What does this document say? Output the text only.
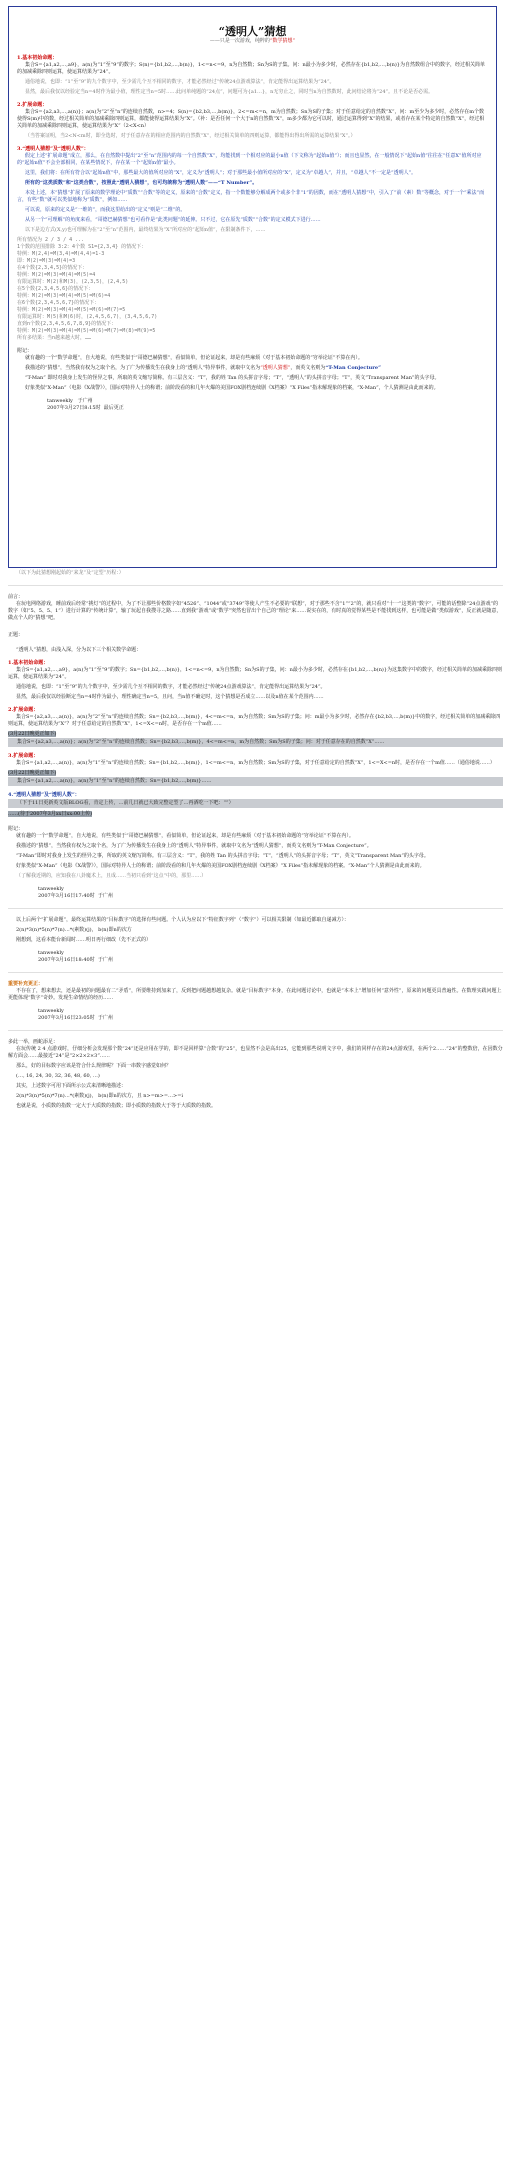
“透明人”猜想
——只是一次游戏，纯粹的“数学猜想”
1.基本初始命题：

集合S={a1,a2,…,a9}，a(n)为“1”至“9”的数字；S(n)={b1,b2,…,b(n)}，1<=n<=9，n为自然数；Sn为S的子集。问：n最小为多少时，必然存在{b1,b2,…,b(n)}为自然数组合中的数字，经过相关简单的加减乘除四则运算，使运算结果为“24”。

通俗地说，也即：“1”至“9”的九个数字中，至少需几个互不相同的数字，才能必然经过“传统24点游戏算法”，肯定能得出运算结果为“24”。

显然，最后我仅以经验定当n=4时作为最小值，理性定当n=5时……此问单纯题的“24点”，问题可为{a1…}，n无穷止之，同时当n为自然数时，此问结论将为“24”。且不论是否必需。

2.扩展命题：

集合S={a2,a3,…,a(n)}；a(n)为“2”至“n”的连续自然数，n>=4；S(n)={b2,b3,…,b(m)}，2<=m<=n，m为自然数；Sn为S的子集；对于任意给定的自然数“X”，问：m至少为多少时，必然存在m个数使得S(m)中的数，经过相关简单的加减乘除四则运算，都能使得运算结果为“X”。（补：是否任何一个大于n的自然数“X”，m多少都为它可以时，通过运算得到“X”的结果，或者存在某个特定的自然数“X”，经过相关简单的加减乘除四则运算，使运算结果为“X”（2<X<n）

（当答案证明，当2<N<m时，即全选时，对于任意存在的相应范围内的自然数“X”，经过相关简单的四则运算，都能得出得出所需的运算结果“X”。）

3.“透明人猜想”及“透明人数”：

假定上述“扩展命题”成立，那么，在自然数中提出“2”至“n”范围内的每一个自然数“X”，均能找到一个相对应的最小n值（下文称为“起始n值”）；而且也显然，在一般情况下“起始n值”往往在“任意X”值所对应的“起始n值”不会全部相同，在某些情况下，存在某一个“起始n值”最小。

这里，我们将：在所有符合以“起始n值”中，那些最大的值所对应的“X”，定义为“透明人”；对于那些最小值所对应的“X”，定义为“卓越人”，并且，“卓越人”不一定是“透明人”。

所有的“这类质数”和“这类合数”，按照此“透明人猜想”，也可均统称为“透明人数”——“T Number”。

本处上述，本“猜想”扩展了原来的数学理论中“质数”“合数”等的定义，原来的“合数”定义，指一个数能够分解成两个或多个非“1”的因数，而在“透明人猜想”中，引入了“前（素）数”等概念，对于一个“乘法”而言，有些“数”就可以类似地称为“质数”，例如……

可以说，原来的定义是“一维的”，而我这里给出的“定义”则是“二维”的。

从另一个“可理解”的角度来看，“哥德巴赫猜想”也可看作是“此类问题”的延伸。只不过，它在原先“质数”“合数”的定义模式下进行……

以下是边方式(X,y)也可理解为在“2”至“n”范围内，最终结果为“X”所对应的“起始n值”，在限制条件下，……

所有情况为 2 / 3 / 4 ...
1个数的范围排除 3:2：4个数 S1={2,3,4} 的情况下：
特例：M(2,4)=M(3,4)=M(4,4)=1-3
即：M(2)=M(3)=M(4)=3
在4个数{2,3,4,5}的情况下：
特例：M(2)=M(3)=M(4)=M(5)=4
有限运算时：M(2)和M(3)，(2,3,5)，(2,4,5)
在5个数{2,3,4,5,6}的情况下：
特例：M(2)=M(3)=M(4)=M(5)=M(6)=4
在6个数{2,3,4,5,6,7}的情况下：
特例：M(2)=M(3)=M(4)=M(5)=M(6)=M(7)=5
有限运算时：M(5)和M(6)时，(2,4,5,6,7)，(3,4,5,6,7)
直到n个数{2,3,4,5,6,7,8,9}的情况下：
特例：M(2)=M(3)=M(4)=M(5)=M(6)=M(7)=M(8)=M(9)=5
所有多结果：当n越来越大时，……
附记：

就有趣的一个“数学命题”，自大地说，有些类似于“哥德巴赫猜想”，看似简单，但论证起来，却是有些麻烦（对于基本初始命题的“穷举论证”不算在内）。

我描述的“猜想”，当然我有权为之取个名，为了广为传播发生在我身上的“透明人”特异事件，就取中文名为“透明人猜想”，而英文名则为“T-Man Conjecture”

“T-Man” 即时对我身上发生的怪异之事，所取的英文缩写简称。有三层含义：“T”，我的姓 Tan 的头拼音字母；“T”，“透明人”的头拼音字母；“T”，英文“Transparent Man”的头字母。

好象类似“X-Man”（电影《X战警》），国际对特异人士的称谓；前阶段看的和几年火爆的美国FOX剧档连续剧《X档案》“X Files”指未解现象的档案，“X-Man”，个人猜测是由此而来的。

tanweekly 于广州
2007年3月27日8:15时 最后更正

（以下为此猜想刚起始的“来龙”及“定型”历程：）

前言：

在玩电网络游戏，睡前戏后经常“挑灯”的过程中，为了不让那些价格数字如“4526”、“1044”或“3749”等使人产生不必要的“联想”，对于那些不含“1”“2”的，就只看对“十一”这类的“数字”，可能的话整除“24点游戏”的数字（如“5、5、5、1”）进行计算的“传统计算”，输了玩起自我搜寻之路……直到我“游戏”或“数学”突然也冒出个自己的“理论”来……说实在的，有时真的觉得某些是不能找到这样，也可能是做“类似游戏”，反正就是随意，做点个人的“猜想”吧。

正题：

“透明人”猜想，由浅入深，分为以下三个相关数学命题：

1.基本初始命题：

集合S={a1,a2,…,a9}，a(n)为“1”至“9”的数字；Sn={b1,b2,…,b(n)}，1<=n<=9，n为自然数；Sn为S的子集，问：n最小为多少时，必然存在{b1,b2,…,b(n)}为这集数字中的数字，经过相关简单的加减乘除四则运算，使运算结果为“24”。

通俗地说，也即：“1”至“9”的九个数字中，至少需几个互不相同的数字，才能必然经过“传统24点游戏算法”，肯定能得出运算结果为“24”。

显然，最后我仅以经验断定当n=4时作为最小，理性确定当n=5，且问，当n值不确定时，这个猜想是否成立……以及n值在某个范围内……

2.扩展命题：

集合S={a2,a3,…,a(n)}，a(n)为“2”至“n”的连续自然数；Sn={b2,b3,…,b(m)}，4<=m<=n，m为自然数；Sm为S的子集；问：m最小为多少时，必然存在{b2,b3,…,b(m)}中的数字，经过相关简单的加减乘除四则运算，使运算结果为“X”？对于任意给定的自然数“X”，1<=X<=n时，是否存在一个m值……

(3月22日晚更正如下)

集合S={a2,a3,…,a(n)}；a(n)为“2”至“n”的连续自然数；Sn={b2,b3,…,b(m)}，4<=m<=n，m为自然数；Sm为S的子集；问：对于任意存在的自然数“X”……

3.扩展命题：

集合S={a1,a2,…,a(n)}，a(n)为“1”至“n”的连续自然数；Sn={b1,b2,…,b(m)}，1<=m<=n，m为自然数；Sm为S的子集，对于任意给定的自然数“X”，1<=X<=n时，是否存在一个m值……（通俗地说……）

(3月22日晚更正如下)

集合S={a1,a2,…,a(n)}，a(n)为“1”至“n”的连续自然数；Sn={b1,b2,…,b(m)}……

4.“透明人猜想”及“透明人数”：

（下于11日更新英文版BLOG看，肯定上传，…前几日就已大致完整定型了…再酒吃一下吧：“”）

……(待于2007年3月xx日xx:00上传)
附记：

就有趣的一个“数学命题”，自大地说，有些类似于“哥德巴赫猜想”，看似简单，但论证起来，却是有些麻烦（对于基本初始命题的“穷举论证”不算在内）。

我描述的“猜想”，当然我有权为之取个名，为了广为传播发生在我身上的“透明人”特异事件，就取中文名为“透明人猜想”，而英文名则为“T-Man Conjecture”。

“T-Man”即时对我身上发生的怪异之事，所取的英文缩写简称。有三层含义：“T”，我的姓 Tan 的头拼音字母；“T”，“透明人”的头拼音字母；“T”，英文“Transparent Man”的头字母。

好象类似“X-Man”（电影《X战警》），国际对特异人士的称谓；前阶段看的和几年火爆的美国FOX剧档连续剧《X档案》“X Files”指未解现象的档案。“X-Man”个人猜测是由此而来的。

（了解我近期的，应知我在八卦魔术上，且成……当初只看到“这点”中的，那里……）

tanweekly
2007年3月16日17:40时 于广州

以上后两个“扩展命题”，最终运算结果的“目标数字”的选择有些问题。个人认为应以下“特征数字列”（“数字”）可以相关限制（如最近都取自递减方）：

2(n)*3(n)*5(n)*7(n)…*(素数)(j)， b(n)即n的次方

刚想到，这看本能台新闻时……明日再行细改（先不正式的）

tanweekly
2007年3月16日18:40时 于广州
重要补充更正：

不存在了，想来想去，还是最初的问题最有二“矛盾”，所要维持到加来了，反到把问题越想越复杂。就是“目标数字”本身，在此问题讨论中，也就是“本本上”增加任何“意外性”，原来的问题更具普遍性。在数理实践问题上更能体现“数字”奇妙。发现生命情结的经历……

tanweekly
2007年3月16日23:05时 于广州
多此一举，画蛇添足：

在玩传统 2 4 点游戏时，仔细分析会发现那个数“24”还是应用在学的，即不是回样算“合数”的“25”，也显然不会是高出25，它能到那些说明文字中，我们的同样存在的24点游戏里，在两个2……“24”的整数倍，在因数分解方面会……最接近“24”是“2×2×2×3”……

那么，好的目标数字应该是符合什么规律呢？下面一串数字感觉如何？

(…, 16, 24, 30, 32, 36, 48, 60, …)

其实，上述数字可用下面所示公式来清晰地描述：

2(n)*3(n)*5(n)*7(n)…*(素数)(j)， b(n)即n的次方，且 n>=m>=…>=i

也就是说，小质数的指数一定大于大质数的指数；即小质数的指数大于等于大质数的指数。
